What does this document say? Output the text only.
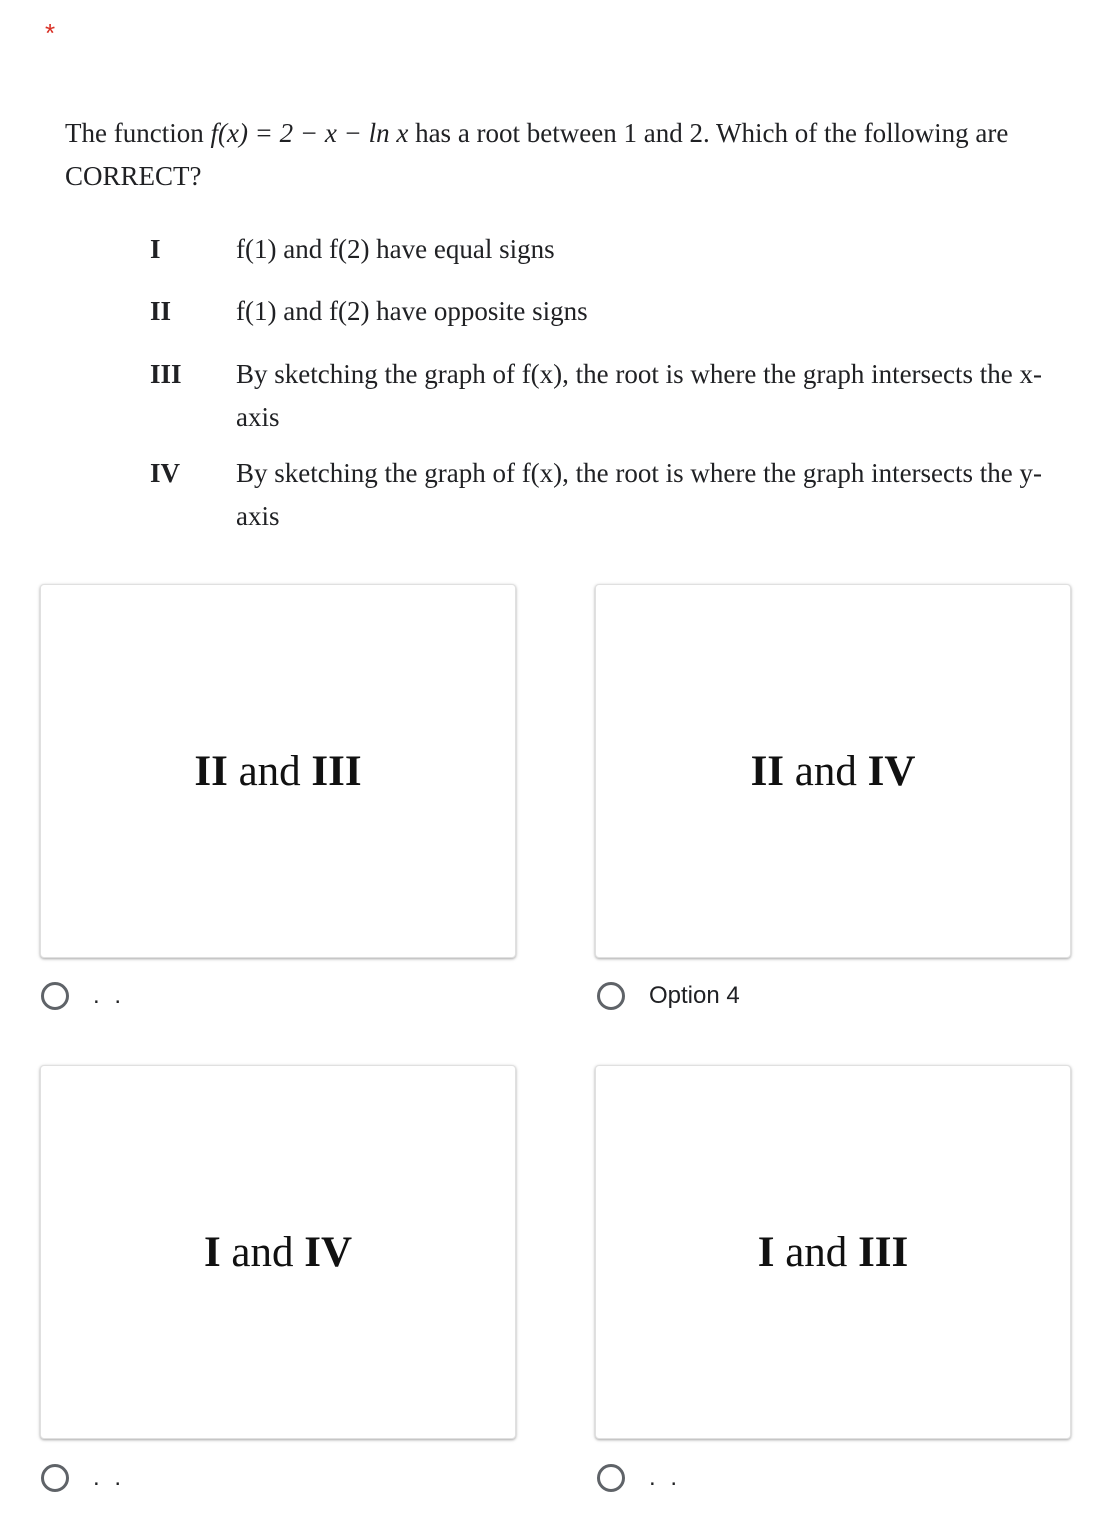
*
The function f(x) = 2 − x − ln x has a root between 1 and 2. Which of the following are CORRECT?
I	f(1) and f(2) have equal signs
II f(1) and f(2) have opposite signs
III By sketching the graph of f(x), the root is where the graph intersects the x-axis
IV By sketching the graph of f(x), the root is where the graph intersects the y-axis
II and III	II and IV
. .	Option 4
I and IV	I and III
. .	. .
